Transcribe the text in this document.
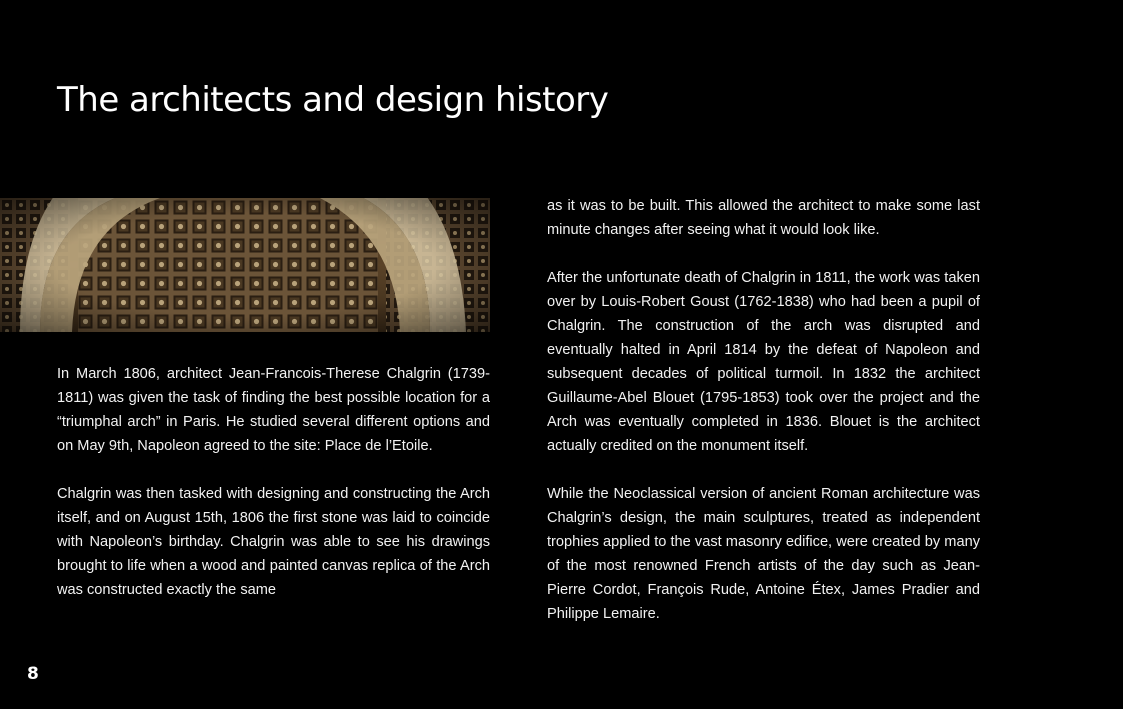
The architects and design history

In March 1806, architect Jean-Francois-Therese Chalgrin (1739-1811) was given the task of finding the best possible location for a “triumphal arch” in Paris. He studied several different options and on May 9th, Napoleon agreed to the site: Place de l’Etoile.

Chalgrin was then tasked with designing and constructing the Arch itself, and on August 15th, 1806 the first stone was laid to coincide with Napoleon’s birthday. Chalgrin was able to see his drawings brought to life when a wood and painted canvas replica of the Arch was constructed exactly the same

as it was to be built. This allowed the architect to make some last minute changes after seeing what it would look like.

After the unfortunate death of Chalgrin in 1811, the work was taken over by Louis-Robert Goust (1762-1838) who had been a pupil of Chalgrin. The construction of the arch was disrupted and eventually halted in April 1814 by the defeat of Napoleon and subsequent decades of political turmoil. In 1832 the architect Guillaume-Abel Blouet (1795-1853) took over the project and the Arch was eventually completed in 1836. Blouet is the architect actually credited on the monument itself.

While the Neoclassical version of ancient Roman architecture was Chalgrin’s design, the main sculptures, treated as independent trophies applied to the vast masonry edifice, were created by many of the most renowned French artists of the day such as Jean-Pierre Cordot, François Rude, Antoine Étex, James Pradier and Philippe Lemaire.

8
